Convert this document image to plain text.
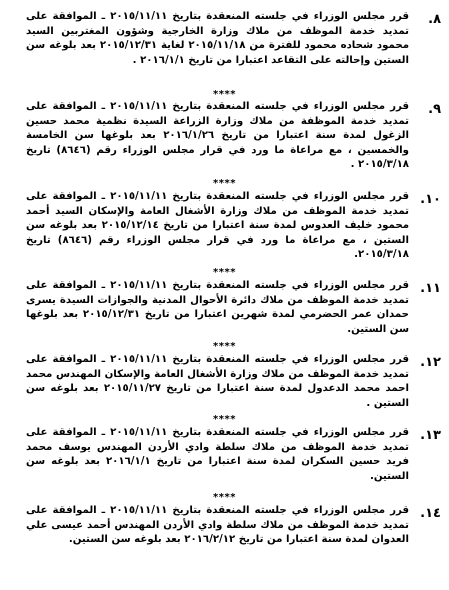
٨.
قرر مجلس الوزراء في جلسته المنعقدة بتاريخ ٢٠١٥/١١/١١ ـ الموافقة على تمديد خدمة الموظف من ملاك وزارة الخارجية وشؤون المغتربين السيد محمود شحاده محمود للفترة من ٢٠١٥/١١/١٨ لغاية ٢٠١٥/١٢/٣١ بعد بلوغه سن الستين وإحالته على التقاعد اعتبارا من تاريخ ٢٠١٦/١/١ .
****
٩.
قرر مجلس الوزراء في جلسته المنعقدة بتاريخ ٢٠١٥/١١/١١ ـ الموافقة على تمديد خدمة الموظفة من ملاك وزارة الزراعة السيدة نظمية محمد حسين الزغول لمدة سنة اعتبارا من تاريخ ٢٠١٦/١/٢٦ بعد بلوغها سن الخامسة والخمسين ، مع مراعاة ما ورد في قرار مجلس الوزراء رقم (٨٦٤٦) تاريخ ٢٠١٥/٣/١٨ .
****
١٠.
قرر مجلس الوزراء في جلسته المنعقدة بتاريخ ٢٠١٥/١١/١١ ـ الموافقة على تمديد خدمة الموظف من ملاك وزارة الأشغال العامة والإسكان السيد أحمد محمود خليف العدوس لمدة سنة اعتبارا من تاريخ ٢٠١٥/١٢/١٤ بعد بلوغه سن الستين ، مع مراعاة ما ورد في قرار مجلس الوزراء رقم (٨٦٤٦) تاريخ ٢٠١٥/٣/١٨.
****
١١.
قرر مجلس الوزراء في جلسته المنعقدة بتاريخ ٢٠١٥/١١/١١ ـ الموافقة على تمديد خدمة الموظف من ملاك دائرة الأحوال المدنية والجوازات السيدة يسرى حمدان عمر الحضرمي لمدة شهرين اعتبارا من تاريخ ٢٠١٥/١٢/٣١ بعد بلوغها سن الستين.
****
١٢.
قرر مجلس الوزراء في جلسته المنعقدة بتاريخ ٢٠١٥/١١/١١ ـ الموافقة على تمديد خدمة الموظف من ملاك وزارة الأشغال العامة والإسكان المهندس محمد احمد محمد الدعدول لمدة سنة اعتبارا من تاريخ ٢٠١٥/١١/٢٧ بعد بلوغه سن الستين .
****
١٣.
قرر مجلس الوزراء في جلسته المنعقدة بتاريخ ٢٠١٥/١١/١١ ـ الموافقة على تمديد خدمة الموظف من ملاك سلطة وادي الأردن المهندس يوسف محمد فريد حسين السكران لمدة سنة اعتبارا من تاريخ ٢٠١٦/١/١ بعد بلوغه سن الستين.
****
١٤.
قرر مجلس الوزراء في جلسته المنعقدة بتاريخ ٢٠١٥/١١/١١ ـ الموافقة على تمديد خدمة الموظف من ملاك سلطة وادي الأردن المهندس أحمد عيسى علي العدوان لمدة سنة اعتبارا من تاريخ ٢٠١٦/٢/١٢ بعد بلوغه سن الستين.
